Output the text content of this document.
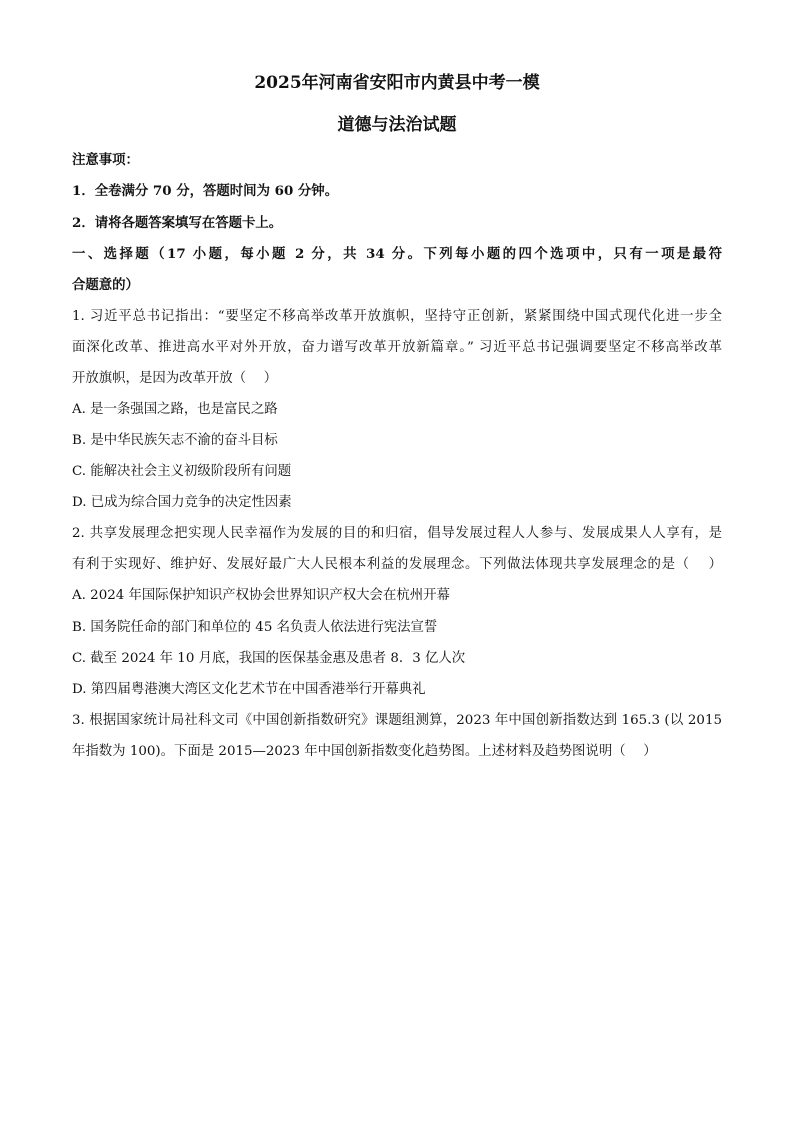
2025年河南省安阳市内黄县中考一模
道德与法治试题
注意事项：
1．全卷满分 70 分，答题时间为 60 分钟。
2．请将各题答案填写在答题卡上。
一、选择题（17 小题，每小题 2 分，共 34 分。下列每小题的四个选项中，只有一项是最符
合题意的）
1. 习近平总书记指出：“要坚定不移高举改革开放旗帜，坚持守正创新，紧紧围绕中国式现代化进一步全
面深化改革、推进高水平对外开放，奋力谱写改革开放新篇章。” 习近平总书记强调要坚定不移高举改革
开放旗帜，是因为改革开放（　 ）
A. 是一条强国之路，也是富民之路
B. 是中华民族矢志不渝的奋斗目标
C. 能解决社会主义初级阶段所有问题
D. 已成为综合国力竞争的决定性因素
2. 共享发展理念把实现人民幸福作为发展的目的和归宿，倡导发展过程人人参与、发展成果人人享有，是
有利于实现好、维护好、发展好最广大人民根本利益的发展理念。下列做法体现共享发展理念的是（　 ）
A. 2024 年国际保护知识产权协会世界知识产权大会在杭州开幕
B. 国务院任命的部门和单位的 45 名负责人依法进行宪法宣誓
C. 截至 2024 年 10 月底，我国的医保基金惠及患者 8．3 亿人次
D. 第四届粤港澳大湾区文化艺术节在中国香港举行开幕典礼
3. 根据国家统计局社科文司《中国创新指数研究》课题组测算，2023 年中国创新指数达到 165.3 (以 2015
年指数为 100)。下面是 2015—2023 年中国创新指数变化趋势图。上述材料及趋势图说明（　 ）
